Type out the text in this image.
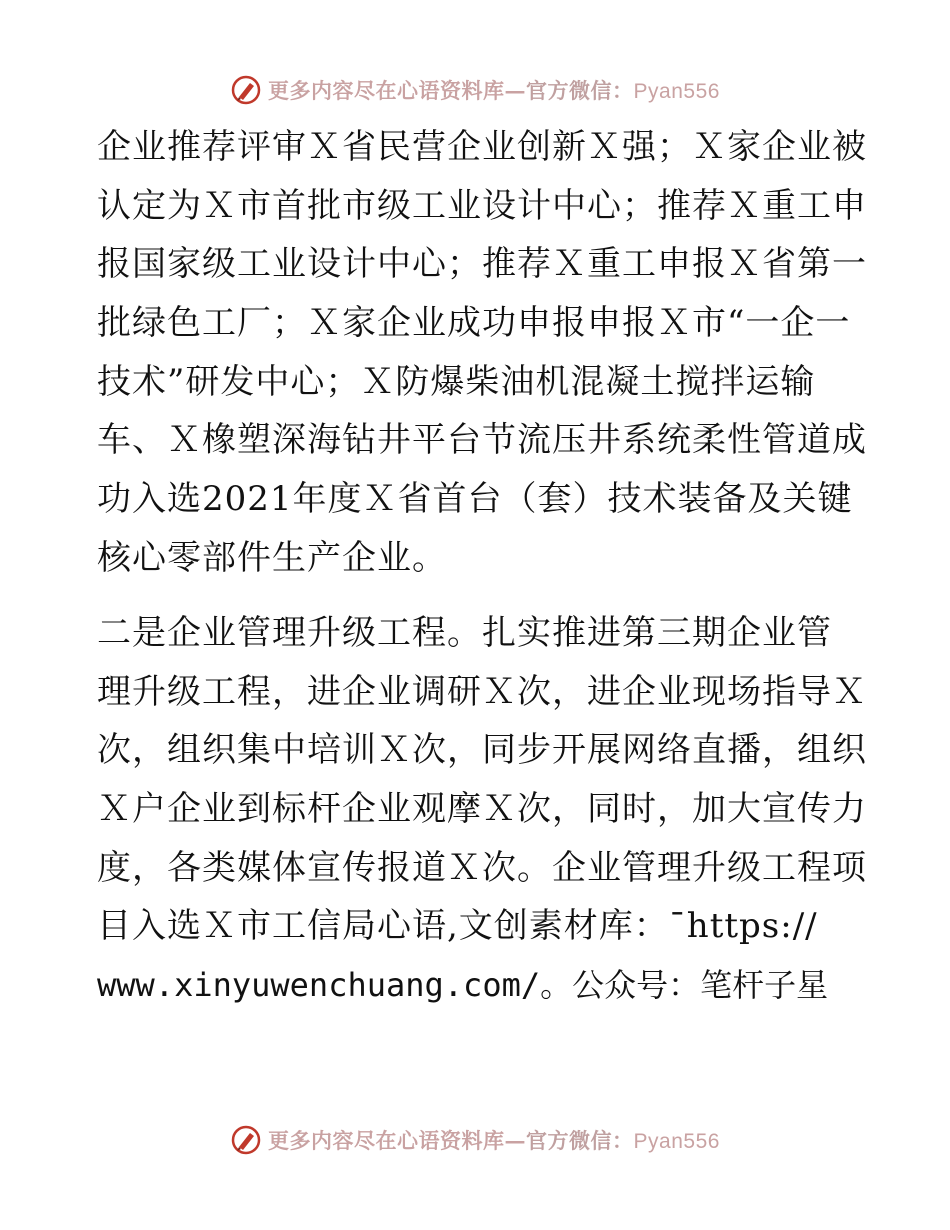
更多内容尽在心语资料库—官方微信：Pyan556
企业推荐评审Ｘ省民营企业创新Ｘ强；Ｘ家企业被
认定为Ｘ市首批市级工业设计中心；推荐Ｘ重工申
报国家级工业设计中心；推荐Ｘ重工申报Ｘ省第一
批绿色工厂；Ｘ家企业成功申报申报Ｘ市“一企一
技术”研发中心；Ｘ防爆柴油机混凝土搅拌运输
车、Ｘ橡塑深海钻井平台节流压井系统柔性管道成
功入选2021年度Ｘ省首台（套）技术装备及关键
核心零部件生产企业。
二是企业管理升级工程。扎实推进第三期企业管
理升级工程，进企业调研Ｘ次，进企业现场指导Ｘ
次，组织集中培训Ｘ次，同步开展网络直播，组织
Ｘ户企业到标杆企业观摩Ｘ次，同时，加大宣传力
度，各类媒体宣传报道Ｘ次。企业管理升级工程项
目入选Ｘ市工信局心语,文创素材库：¯https://
www.xinyuwenchuang.com/。公众号：笔杆子星
更多内容尽在心语资料库—官方微信：Pyan556
